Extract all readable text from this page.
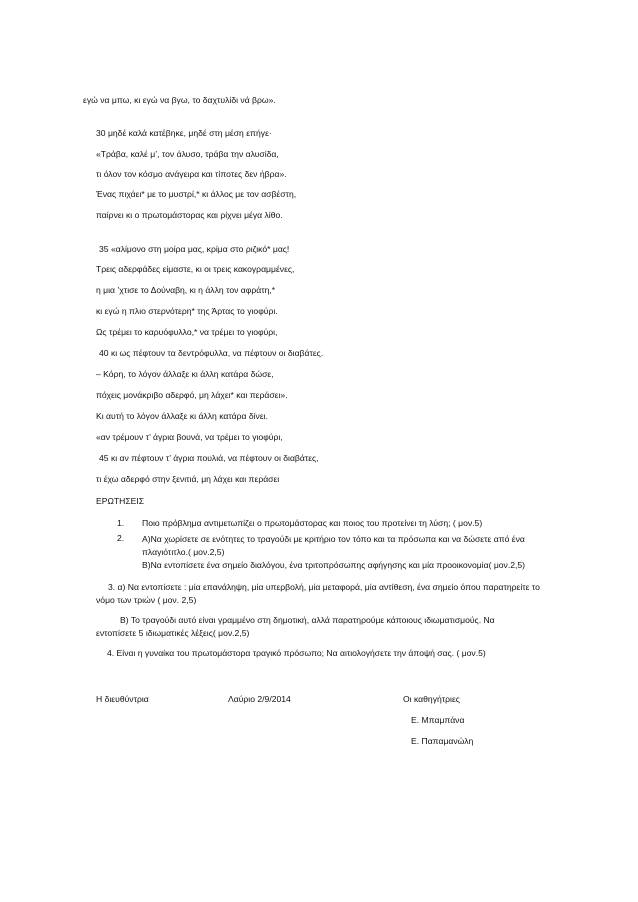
εγώ να μπω, κι εγώ να βγω, το δαχτυλίδι νά βρω».
30 μηδέ καλά κατέβηκε, μηδέ στη μέση επήγε·
«Τράβα, καλέ μ’, τον άλυσο, τράβα την αλυσίδα,
τι όλον τον κόσμο ανάγειρα και τίποτες δεν ήβρα».
Ένας πιχάει* με το μυστρί,* κι άλλος με τον ασβέστη,
παίρνει κι ο πρωτομάστορας και ρίχνει μέγα λίθο.
35 «αλίμονο στη μοίρα μας, κρίμα στο ριζικό* μας!
Τρεις αδερφάδες είμαστε, κι οι τρεις κακογραμμένες,
η μια ’χτισε το Δούναβη, κι η άλλη τον αφράτη,*
κι εγώ η πλιο στερνότερη* της Άρτας το γιοφύρι.
Ως τρέμει το καρυόφυλλο,* να τρέμει το γιοφύρι,
40 κι ως πέφτουν τα δεντρόφυλλα, να πέφτουν οι διαβάτες.
– Κόρη, το λόγον άλλαξε κι άλλη κατάρα δώσε,
πόχεις μονάκριβο αδερφό, μη λάχει* και περάσει».
Κι αυτή το λόγον άλλαξε κι άλλη κατάρα δίνει.
«αν τρέμουν τ’ άγρια βουνά, να τρέμει το γιοφύρι,
45 κι αν πέφτουν τ’ άγρια πουλιά, να πέφτουν οι διαβάτες,
τι έχω αδερφό στην ξενιτιά, μη λάχει και περάσει
ΕΡΩΤΗΣΕΙΣ
1. Ποιο πρόβλημα αντιμετωπίζει ο πρωτομάστορας και ποιος του προτείνει τη λύση; ( μον.5)
2. Α)Να χωρίσετε σε ενότητες το τραγούδι με κριτήριο τον τόπο και τα πρόσωπα και να δώσετε από ένα πλαγιότιτλο.( μον.2,5)
Β)Να εντοπίσετε ένα σημείο διαλόγου, ένα τριτοπρόσωπης αφήγησης και μία προοικονομία( μον.2,5)
3. α) Να εντοπίσετε : μία επανάληψη, μία υπερβολή, μία μεταφορά, μία αντίθεση, ένα σημείο όπου παρατηρείτε το νόμο των τριών ( μον. 2,5)
Β) Το τραγούδι αυτό είναι γραμμένο στη δημοτική, αλλά παρατηρούμε κάποιους ιδιωματισμούς. Να εντοπίσετε 5 ιδιωματικές λέξεις( μον.2,5)
4. Είναι η γυναίκα του πρωτομάστορα τραγικό πρόσωπο; Να αιτιολογήσετε την άποψή σας. ( μον.5)
Η διευθύντρια	Λαύριο 2/9/2014	Οι καθηγήτριες
Ε. Μπαμπάνα
Ε. Παπαμανώλη
